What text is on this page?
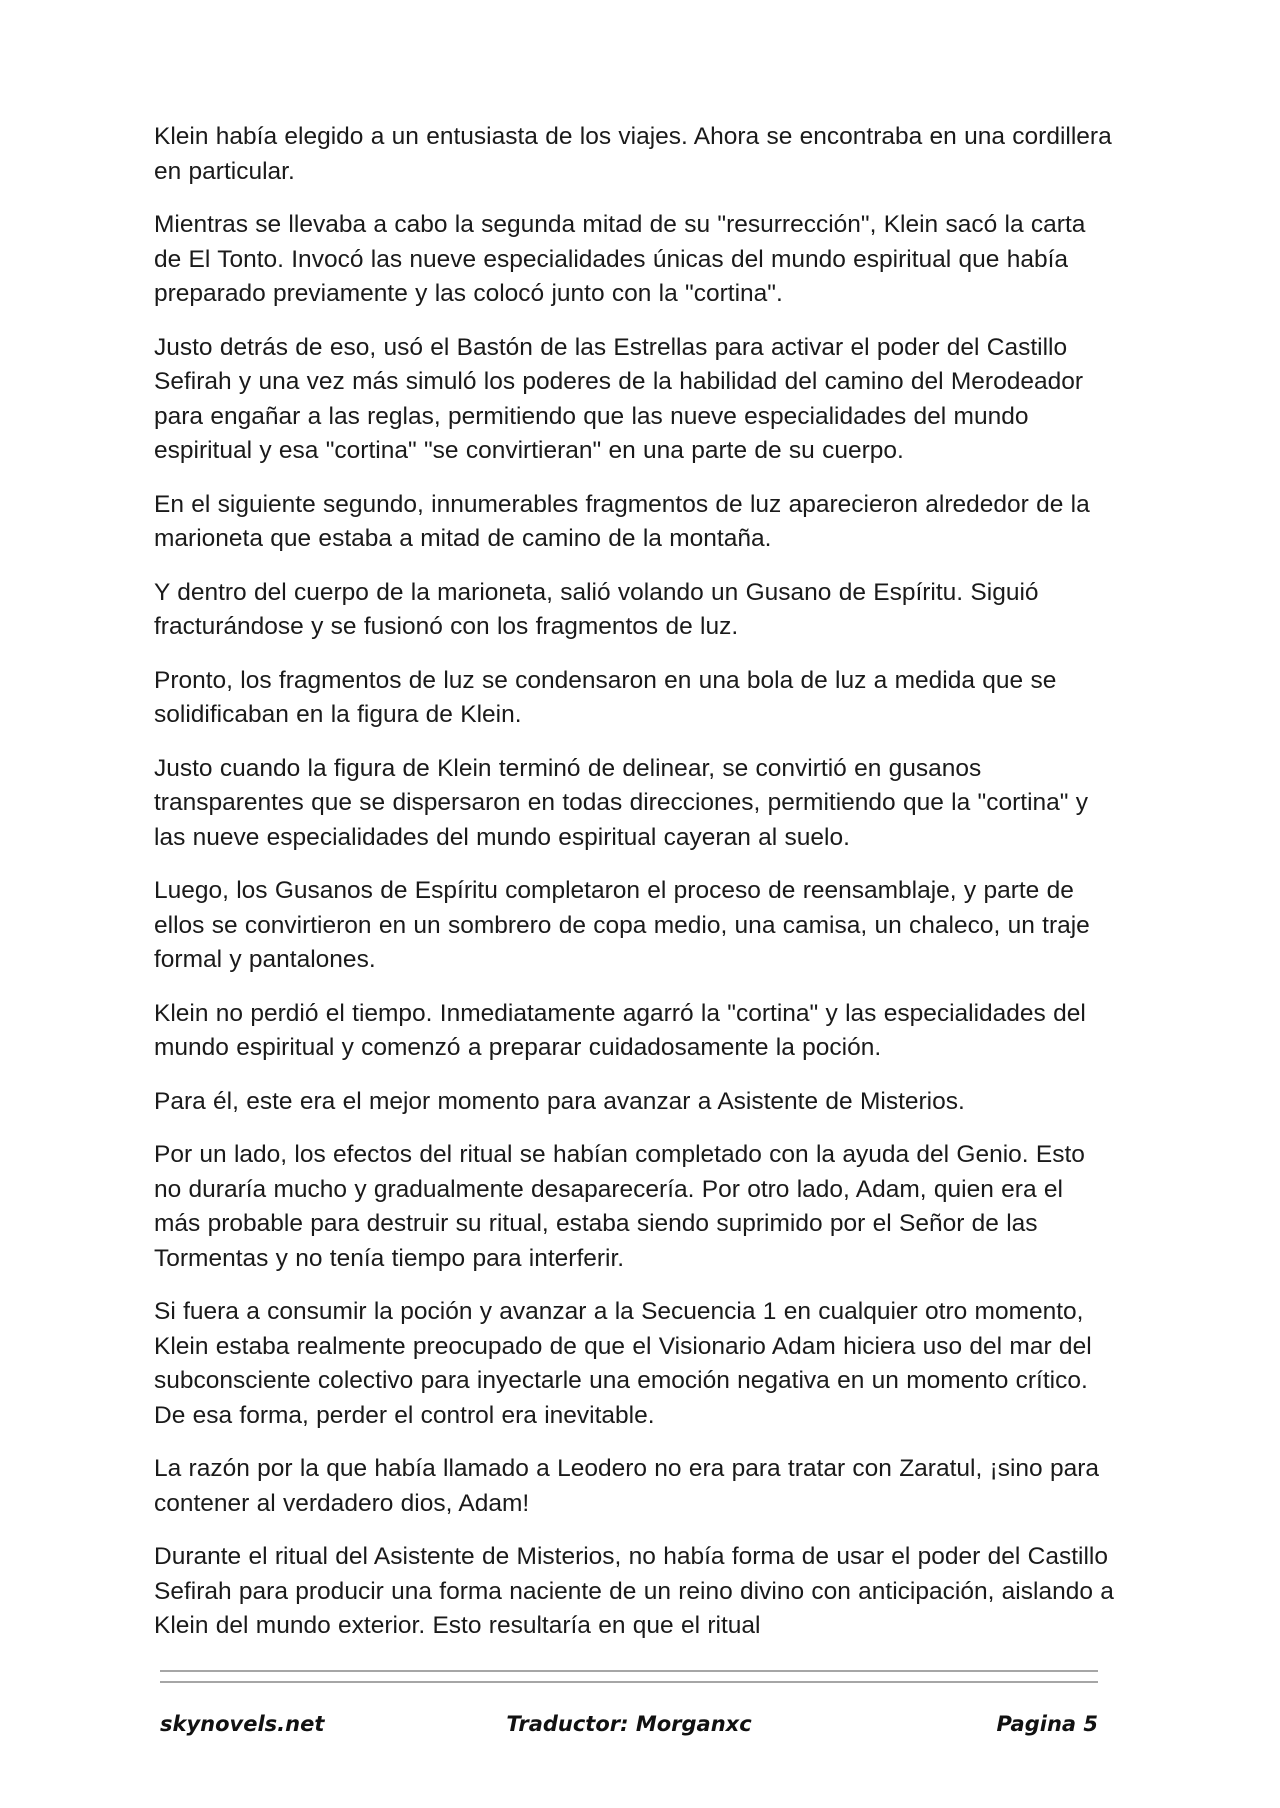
Klein había elegido a un entusiasta de los viajes. Ahora se encontraba en una cordillera en particular.

Mientras se llevaba a cabo la segunda mitad de su "resurrección", Klein sacó la carta de El Tonto. Invocó las nueve especialidades únicas del mundo espiritual que había preparado previamente y las colocó junto con la "cortina".

Justo detrás de eso, usó el Bastón de las Estrellas para activar el poder del Castillo Sefirah y una vez más simuló los poderes de la habilidad del camino del Merodeador para engañar a las reglas, permitiendo que las nueve especialidades del mundo espiritual y esa "cortina" "se convirtieran" en una parte de su cuerpo.

En el siguiente segundo, innumerables fragmentos de luz aparecieron alrededor de la marioneta que estaba a mitad de camino de la montaña.

Y dentro del cuerpo de la marioneta, salió volando un Gusano de Espíritu. Siguió fracturándose y se fusionó con los fragmentos de luz.

Pronto, los fragmentos de luz se condensaron en una bola de luz a medida que se solidificaban en la figura de Klein.

Justo cuando la figura de Klein terminó de delinear, se convirtió en gusanos transparentes que se dispersaron en todas direcciones, permitiendo que la "cortina" y las nueve especialidades del mundo espiritual cayeran al suelo.

Luego, los Gusanos de Espíritu completaron el proceso de reensamblaje, y parte de ellos se convirtieron en un sombrero de copa medio, una camisa, un chaleco, un traje formal y pantalones.

Klein no perdió el tiempo. Inmediatamente agarró la "cortina" y las especialidades del mundo espiritual y comenzó a preparar cuidadosamente la poción.

Para él, este era el mejor momento para avanzar a Asistente de Misterios.

Por un lado, los efectos del ritual se habían completado con la ayuda del Genio. Esto no duraría mucho y gradualmente desaparecería. Por otro lado, Adam, quien era el más probable para destruir su ritual, estaba siendo suprimido por el Señor de las Tormentas y no tenía tiempo para interferir.

Si fuera a consumir la poción y avanzar a la Secuencia 1 en cualquier otro momento, Klein estaba realmente preocupado de que el Visionario Adam hiciera uso del mar del subconsciente colectivo para inyectarle una emoción negativa en un momento crítico. De esa forma, perder el control era inevitable.

La razón por la que había llamado a Leodero no era para tratar con Zaratul, ¡sino para contener al verdadero dios, Adam!

Durante el ritual del Asistente de Misterios, no había forma de usar el poder del Castillo Sefirah para producir una forma naciente de un reino divino con anticipación, aislando a Klein del mundo exterior. Esto resultaría en que el ritual

skynovels.net	Traductor: Morganxc	Pagina 5
